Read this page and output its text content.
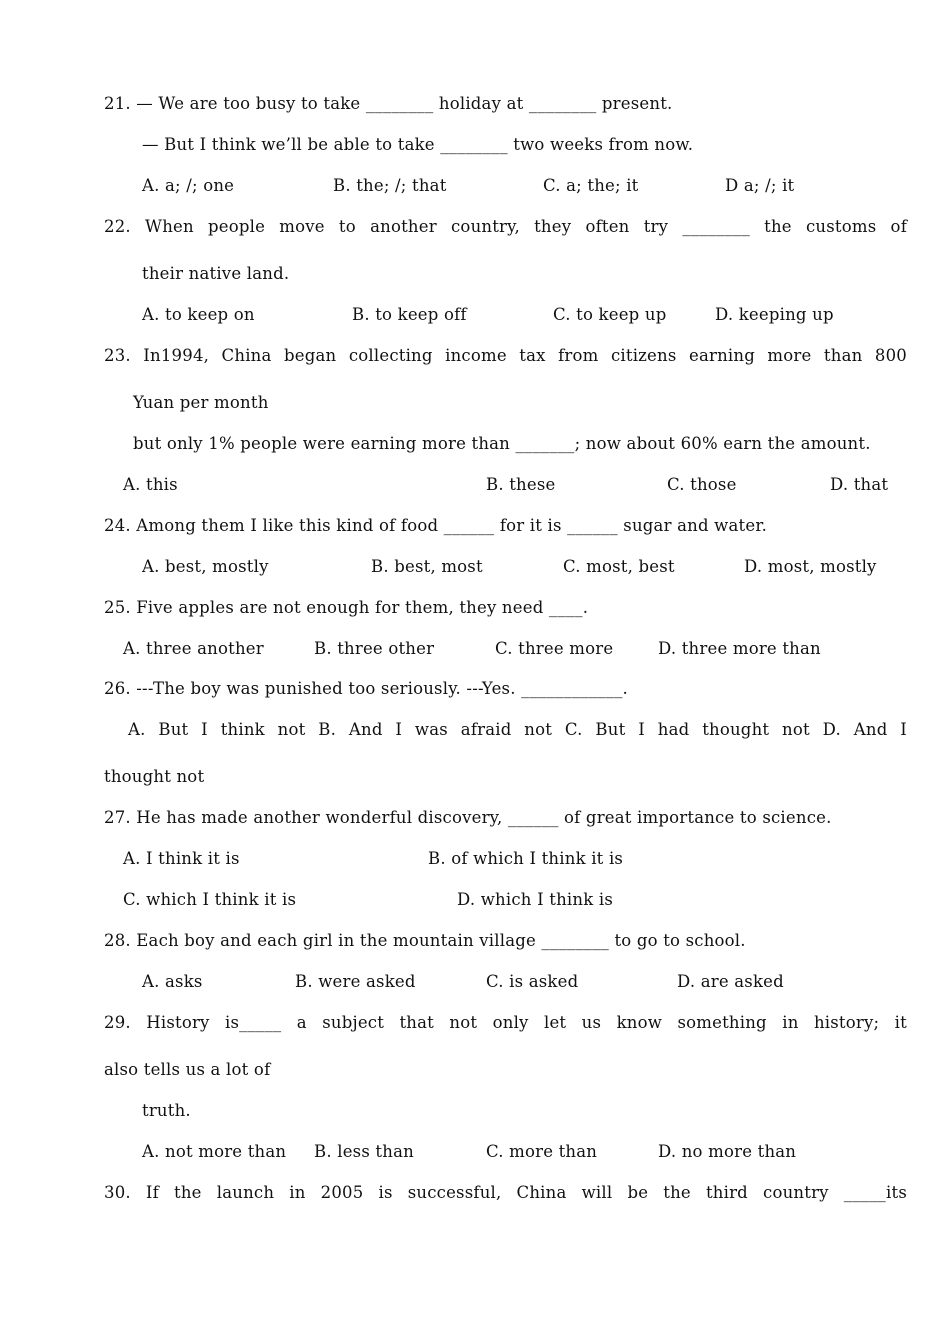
21. — We are too busy to take ________ holiday at ________ present.
— But I think we’ll be able to take ________ two weeks from now.
A. a; /; one	B. the; /; that	C. a; the; it	D a; /; it
22. When people move to another country, they often try ________ the customs of
their native land.
A. to keep on	B. to keep off	C. to keep up	D. keeping up
23. In1994, China began collecting income tax from citizens earning more than 800
Yuan per month
but only 1% people were earning more than _______; now about 60% earn the amount.
A. this	B. these	C. those	D. that
24. Among them I like this kind of food ______ for it is ______ sugar and water.
A. best, mostly	B. best, most	C. most, best	D. most, mostly
25. Five apples are not enough for them, they need ____.
A. three another	B. three other	C. three more	D. three more than
26. ---The boy was punished too seriously. ---Yes. ____________.
A. But I think not B. And I was afraid not C. But I had thought not D. And I
thought not
27. He has made another wonderful discovery, ______ of great importance to science.
A. I think it is	B. of which I think it is
C. which I think it is	D. which I think is
28. Each boy and each girl in the mountain village ________ to go to school.
A. asks	B. were asked	C. is asked	D. are asked
29. History is_____ a subject that not only let us know something in history; it
also tells us a lot of
truth.
A. not more than B. less than	C. more than	D. no more than
30. If the launch in 2005 is successful, China will be the third country _____its
